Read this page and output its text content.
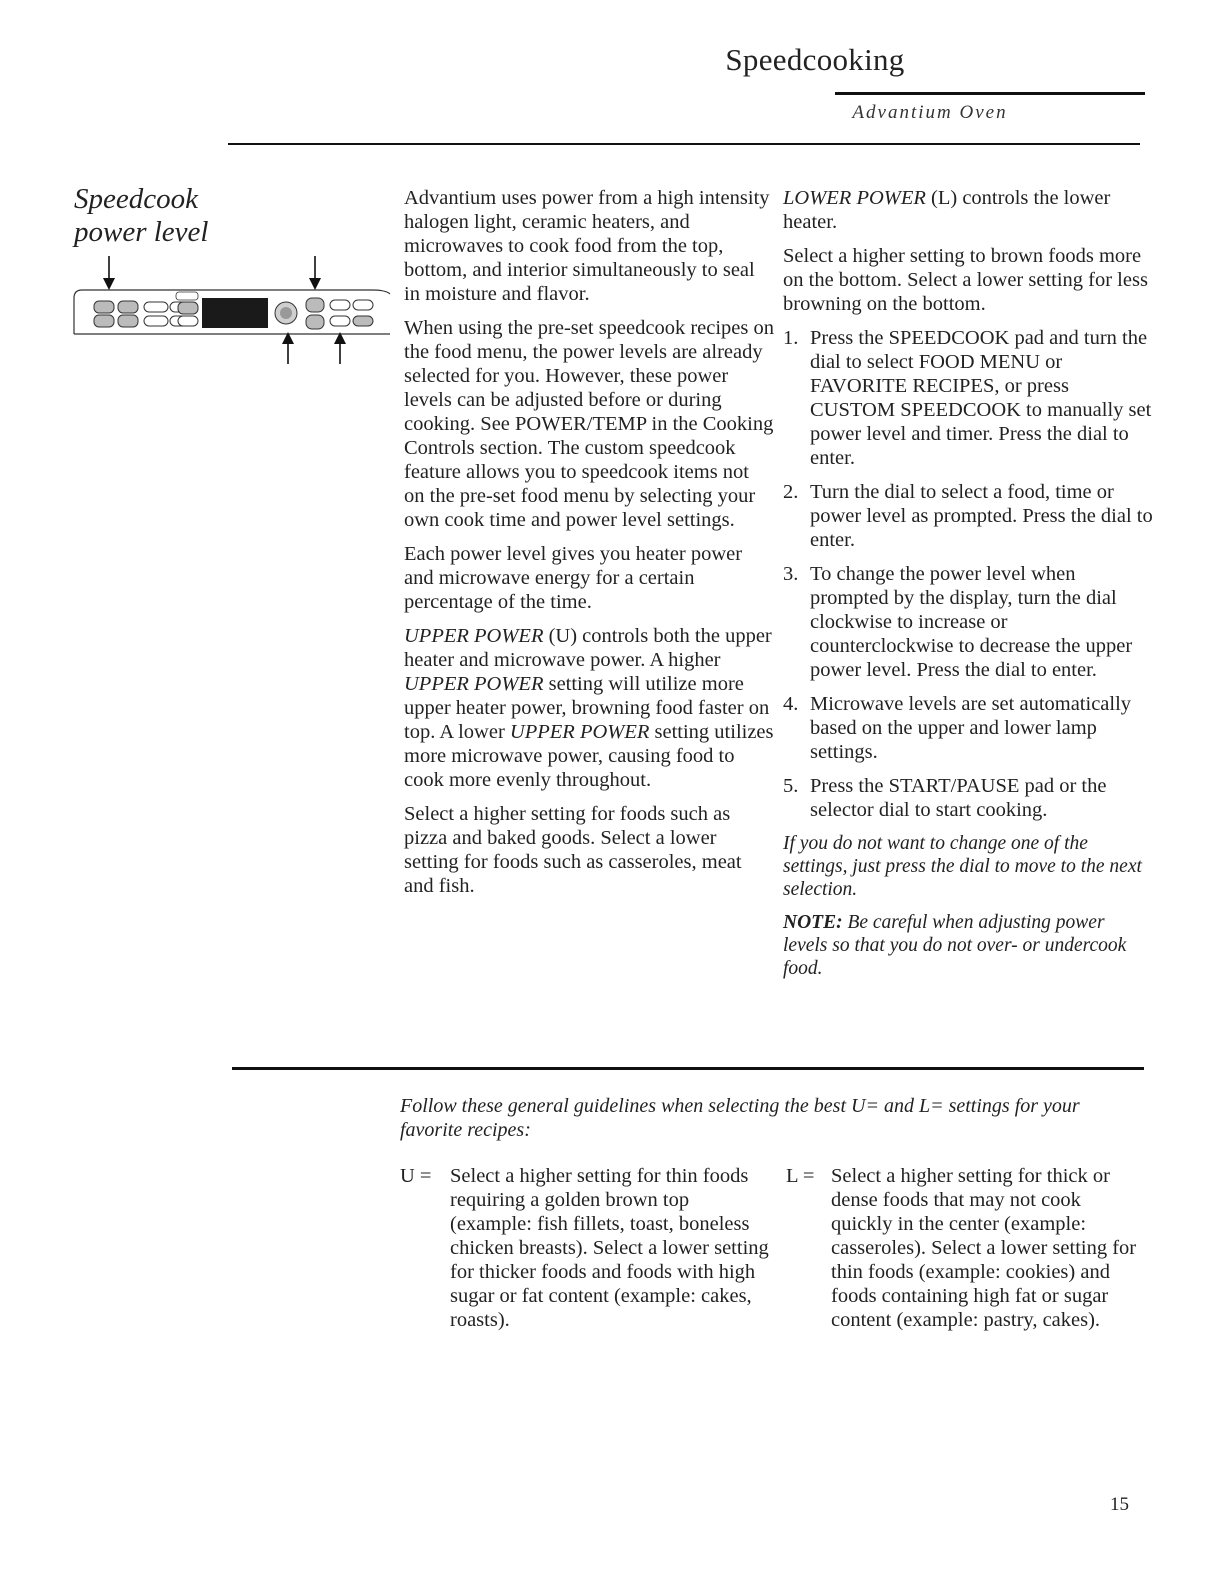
Speedcooking
Advantium Oven
Speedcook
power level

Advantium uses power from a high intensity halogen light, ceramic heaters, and microwaves to cook food from the top, bottom, and interior simultaneously to seal in moisture and flavor.

When using the pre-set speedcook recipes on the food menu, the power levels are already selected for you. However, these power levels can be adjusted before or during cooking. See POWER/TEMP in the Cooking Controls section. The custom speedcook feature allows you to speedcook items not on the pre-set food menu by selecting your own cook time and power level settings.

Each power level gives you heater power and microwave energy for a certain percentage of the time.

UPPER POWER (U) controls both the upper heater and microwave power. A higher UPPER POWER setting will utilize more upper heater power, browning food faster on top. A lower UPPER POWER setting utilizes more microwave power, causing food to cook more evenly throughout.

Select a higher setting for foods such as pizza and baked goods. Select a lower setting for foods such as casseroles, meat and fish.

LOWER POWER (L) controls the lower heater.

Select a higher setting to brown foods more on the bottom. Select a lower setting for less browning on the bottom.

1. Press the SPEEDCOOK pad and turn the dial to select FOOD MENU or FAVORITE RECIPES, or press CUSTOM SPEEDCOOK to manually set power level and timer. Press the dial to enter.
2. Turn the dial to select a food, time or power level as prompted. Press the dial to enter.
3. To change the power level when prompted by the display, turn the dial clockwise to increase or counterclockwise to decrease the upper power level. Press the dial to enter.
4. Microwave levels are set automatically based on the upper and lower lamp settings.
5. Press the START/PAUSE pad or the selector dial to start cooking.

If you do not want to change one of the settings, just press the dial to move to the next selection.

NOTE: Be careful when adjusting power levels so that you do not over- or undercook food.

Follow these general guidelines when selecting the best U= and L= settings for your favorite recipes:
U = Select a higher setting for thin foods requiring a golden brown top (example: fish fillets, toast, boneless chicken breasts). Select a lower setting for thicker foods and foods with high sugar or fat content (example: cakes, roasts).
L = Select a higher setting for thick or dense foods that may not cook quickly in the center (example: casseroles). Select a lower setting for thin foods (example: cookies) and foods containing high fat or sugar content (example: pastry, cakes).
15
